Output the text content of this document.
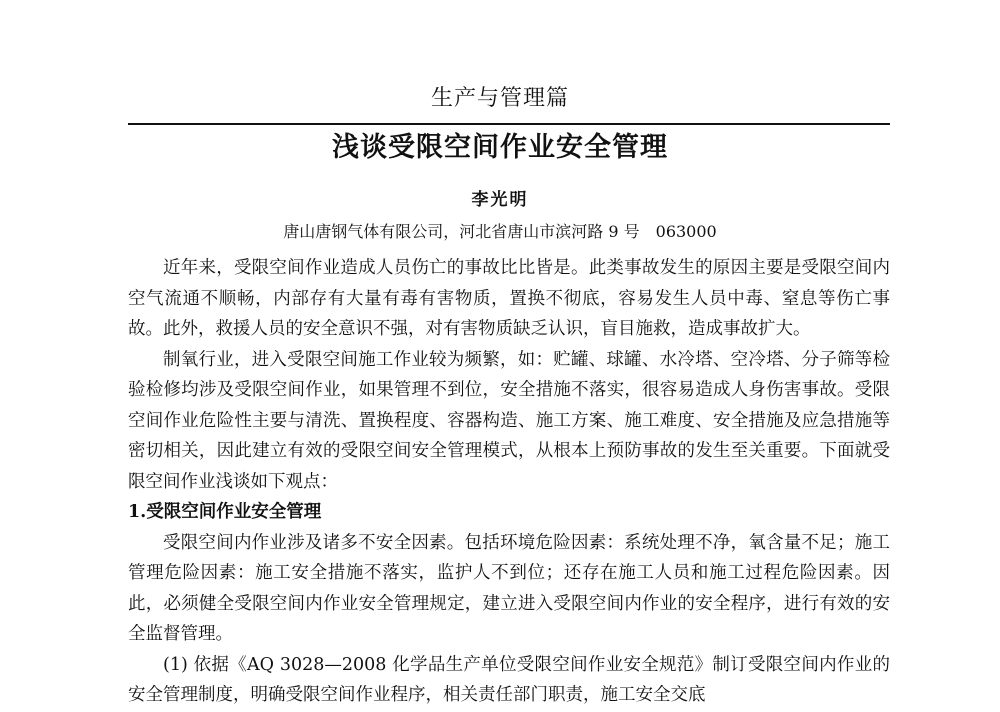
生产与管理篇
浅谈受限空间作业安全管理
李光明
唐山唐钢气体有限公司，河北省唐山市滨河路 9 号　063000

近年来，受限空间作业造成人员伤亡的事故比比皆是。此类事故发生的原因主要是受限空间内空气流通不顺畅，内部存有大量有毒有害物质，置换不彻底，容易发生人员中毒、窒息等伤亡事故。此外，救援人员的安全意识不强，对有害物质缺乏认识，盲目施救，造成事故扩大。

制氧行业，进入受限空间施工作业较为频繁，如：贮罐、球罐、水冷塔、空冷塔、分子筛等检验检修均涉及受限空间作业，如果管理不到位，安全措施不落实，很容易造成人身伤害事故。受限空间作业危险性主要与清洗、置换程度、容器构造、施工方案、施工难度、安全措施及应急措施等密切相关，因此建立有效的受限空间安全管理模式，从根本上预防事故的发生至关重要。下面就受限空间作业浅谈如下观点：

1.受限空间作业安全管理

受限空间内作业涉及诸多不安全因素。包括环境危险因素：系统处理不净，氧含量不足；施工管理危险因素：施工安全措施不落实，监护人不到位；还存在施工人员和施工过程危险因素。因此，必须健全受限空间内作业安全管理规定，建立进入受限空间内作业的安全程序，进行有效的安全监督管理。

(1) 依据《AQ 3028—2008 化学品生产单位受限空间作业安全规范》制订受限空间内作业的安全管理制度，明确受限空间作业程序，相关责任部门职责，施工安全交底
